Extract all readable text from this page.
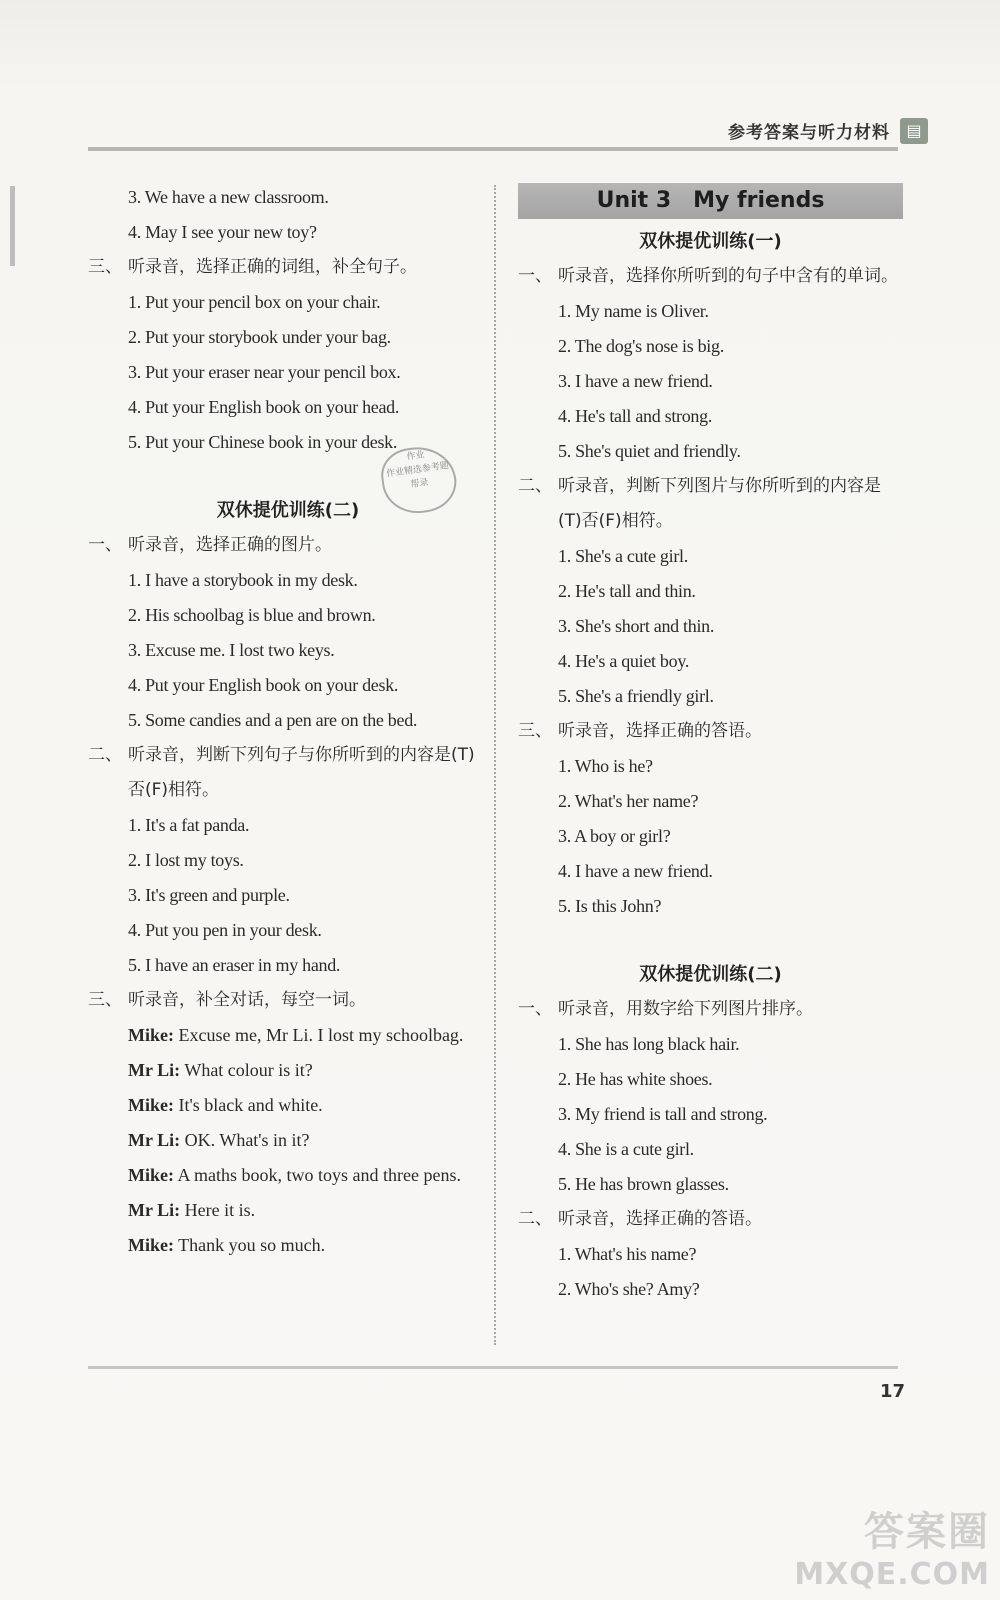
参考答案与听力材料	▤
3. We have a new classroom.
4. May I see your new toy?
三、 听录音，选择正确的词组，补全句子。
1. Put your pencil box on your chair.
2. Put your storybook under your bag.
3. Put your eraser near your pencil box.
4. Put your English book on your head.
5. Put your Chinese book in your desk.
双休提优训练(二)
一、 听录音，选择正确的图片。
1. I have a storybook in my desk.
2. His schoolbag is blue and brown.
3. Excuse me. I lost two keys.
4. Put your English book on your desk.
5. Some candies and a pen are on the bed.
二、 听录音，判断下列句子与你所听到的内容是(T)否(F)相符。
1. It's a fat panda.
2. I lost my toys.
3. It's green and purple.
4. Put you pen in your desk.
5. I have an eraser in my hand.
三、 听录音，补全对话，每空一词。
Mike: Excuse me, Mr Li. I lost my schoolbag.
Mr Li: What colour is it?
Mike: It's black and white.
Mr Li: OK. What's in it?
Mike: A maths book, two toys and three pens.
Mr Li: Here it is.
Mike: Thank you so much.
作业
作业精选参考题
帮录
Unit 3 My friends
双休提优训练(一)
一、 听录音，选择你所听到的句子中含有的单词。
1. My name is Oliver.
2. The dog's nose is big.
3. I have a new friend.
4. He's tall and strong.
5. She's quiet and friendly.
二、 听录音，判断下列图片与你所听到的内容是(T)否(F)相符。
1. She's a cute girl.
2. He's tall and thin.
3. She's short and thin.
4. He's a quiet boy.
5. She's a friendly girl.
三、 听录音，选择正确的答语。
1. Who is he?
2. What's her name?
3. A boy or girl?
4. I have a new friend.
5. Is this John?
双休提优训练(二)
一、 听录音，用数字给下列图片排序。
1. She has long black hair.
2. He has white shoes.
3. My friend is tall and strong.
4. She is a cute girl.
5. He has brown glasses.
二、 听录音，选择正确的答语。
1. What's his name?
2. Who's she? Amy?
17
答案圈
MXQE.COM
